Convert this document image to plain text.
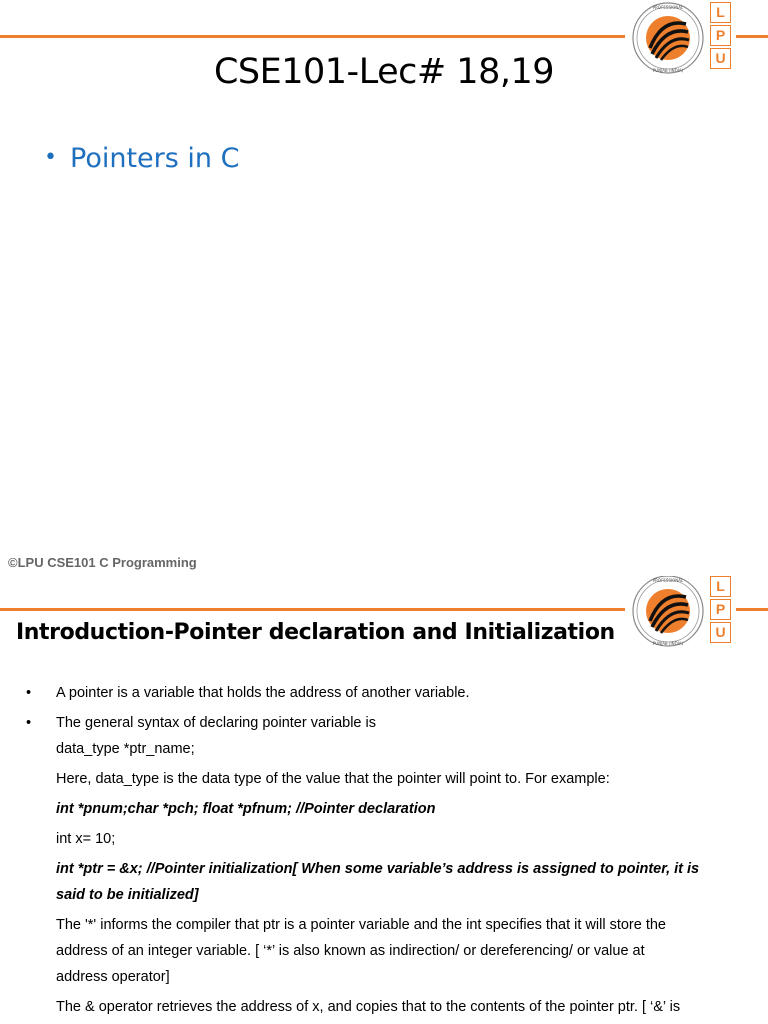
PROFESSIONAL
PUNJAB (INDIA)
L
P
U
CSE101-Lec# 18,19
• Pointers in C
©LPU CSE101 C Programming
PROFESSIONAL
PUNJAB (INDIA)
L
P
U
Introduction-Pointer declaration and Initialization
• A pointer is a variable that holds the address of another variable.
• The general syntax of declaring pointer variable is
data_type *ptr_name;
Here, data_type is the data type of the value that the pointer will point to. For example:
int *pnum;char *pch; float *pfnum; //Pointer declaration
int x= 10;
int *ptr = &x; //Pointer initialization[ When some variable’s address is assigned to pointer, it is
said to be initialized]
The '*' informs the compiler that ptr is a pointer variable and the int specifies that it will store the
address of an integer variable. [ ‘*’ is also known as indirection/ or dereferencing/ or value at
address operator]
The & operator retrieves the address of x, and copies that to the contents of the pointer ptr. [ ‘&’ is
